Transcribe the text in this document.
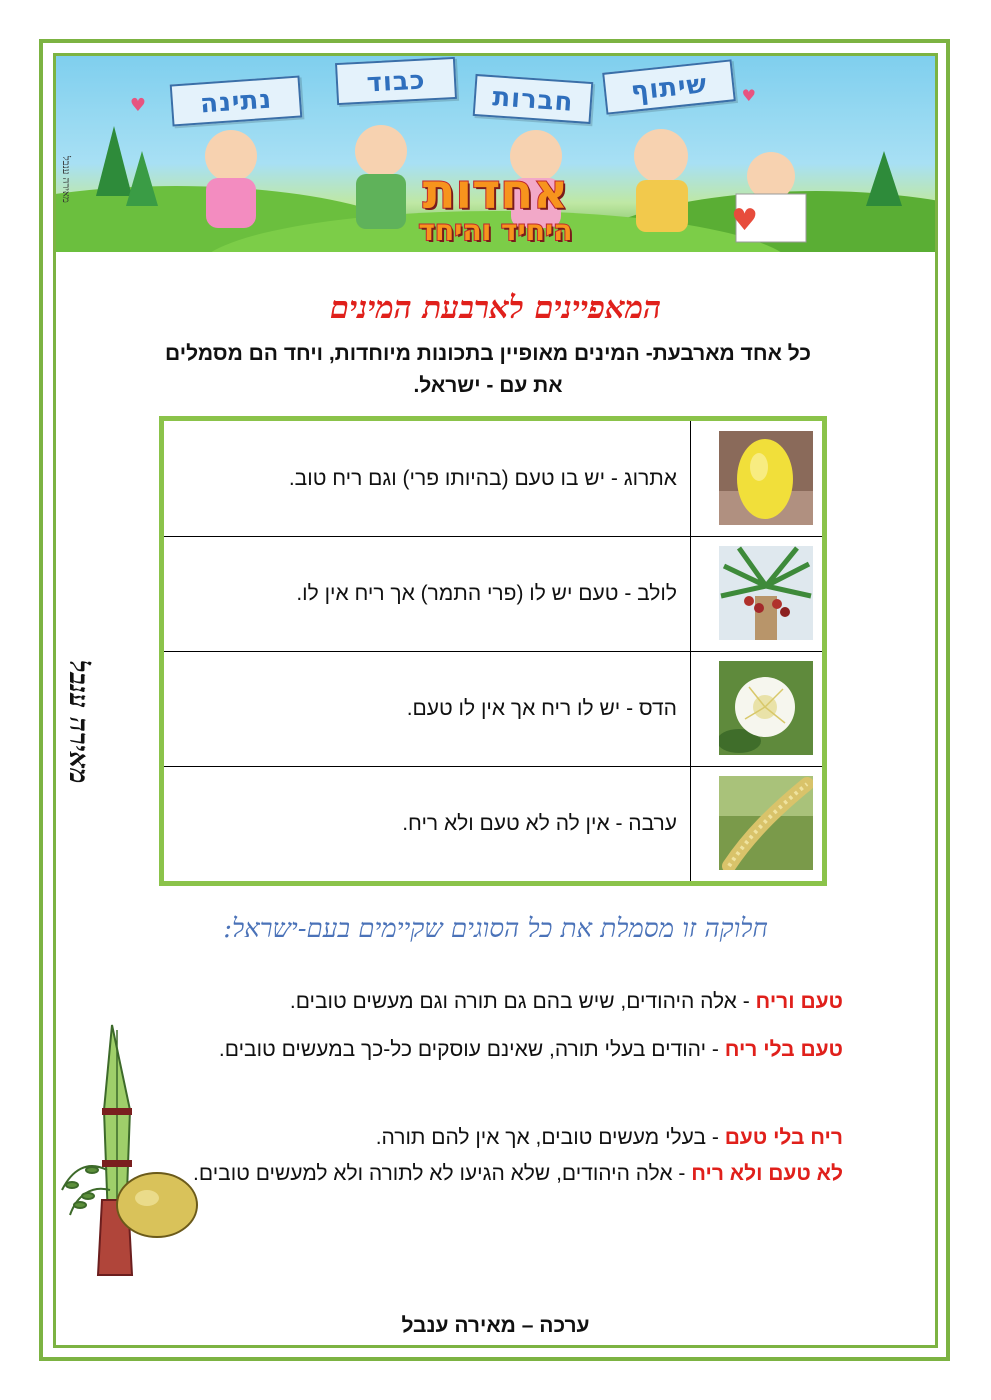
♥	♥
♥
שיתוף
חברות
כבוד
נתינה
אחדות
היחיד והיחד
מאירה ענבל
המאפיינים לארבעת המינים
כל אחד מארבעת- המינים מאופיין בתכונות מיוחדות, ויחד הם מסמלים את עם - ישראל.
אתרוג - יש בו טעם (בהיותו פרי) וגם ריח טוב.
לולב - טעם יש לו (פרי התמר) אך ריח אין לו.
הדס - יש לו ריח אך אין לו טעם.
ערבה - אין לה לא טעם ולא ריח.
מאירה ענבל
חלוקה זו מסמלת את כל הסוגים שקיימים בעם-ישראל:
טעם וריח - אלה היהודים, שיש בהם גם תורה וגם מעשים טובים.
טעם בלי ריח - יהודים בעלי תורה, שאינם עוסקים כל-כך במעשים טובים.
ריח בלי טעם - בעלי מעשים טובים, אך אין להם תורה.
לא טעם ולא ריח - אלה היהודים, שלא הגיעו לא לתורה ולא למעשים טובים.
ערכה – מאירה ענבל
